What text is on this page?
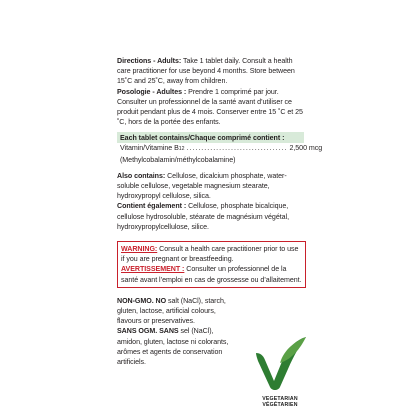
Directions - Adults: Take 1 tablet daily. Consult a health care practitioner for use beyond 4 months. Store between 15˚C and 25˚C, away from children.

Posologie - Adultes : Prendre 1 comprimé par jour. Consulter un professionnel de la santé avant d’utiliser ce produit pendant plus de 4 mois. Conserver entre 15 ˚C et 25 ˚C, hors de la portée des enfants.

Each tablet contains/Chaque comprimé contient :
Vitamin/Vitamine B12 .................................. 2,500 mcg
(Methylcobalamin/méthylcobalamine)

Also contains: Cellulose, dicalcium phosphate, water-soluble cellulose, vegetable magnesium stearate, hydroxypropyl cellulose, silica.

Contient également : Cellulose, phosphate bicalcique, cellulose hydrosoluble, stéarate de magnésium végétal, hydroxypropylcellulose, silice.

WARNING: Consult a health care practitioner prior to use if you are pregnant or breastfeeding.

AVERTISSEMENT : Consulter un professionnel de la santé avant l’emploi en cas de grossesse ou d’allaitement.

NON-GMO. NO salt (NaCl), starch, gluten, lactose, artificial colours, flavours or preservatives.

SANS OGM. SANS sel (NaCl), amidon, gluten, lactose ni colorants, arômes et agents de conservation artificiels.

VEGETARIAN
VÉGÉTARIEN
